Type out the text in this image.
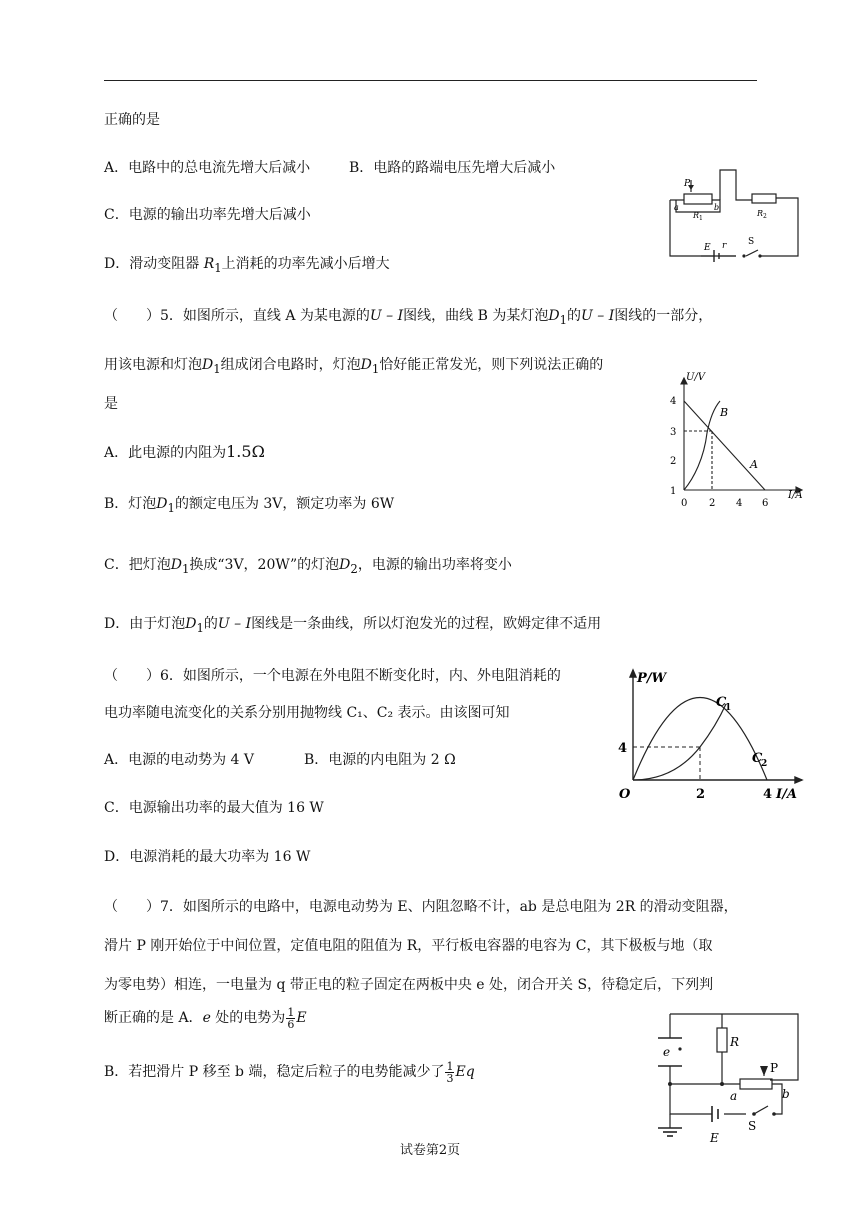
正确的是
A．电路中的总电流先增大后减小	B．电路的路端电压先增大后减小
C．电源的输出功率先增大后减小
D．滑动变阻器 $R_1$上消耗的功率先减小后增大
P
a	b
R 1
R 2
E r S
（　　）5．如图所示，直线 A 为某电源的U – I图线，曲线 B 为某灯泡$D_1$的U – I图线的一部分，
用该电源和灯泡$D_1$组成闭合电路时，灯泡$D_1$恰好能正常发光，则下列说法正确的
是
A．此电源的内阻为1.5Ω
B．灯泡$D_1$的额定电压为 3V，额定功率为 6W
C．把灯泡$D_1$换成“3V，20W”的灯泡$D_2$，电源的输出功率将变小
D．由于灯泡$D_1$的U – I图线是一条曲线，所以灯泡发光的过程，欧姆定律不适用
U/V
I/A
4
3
2
1
0 2 4 6
B
A
（　　）6．如图所示，一个电源在外电阻不断变化时，内、外电阻消耗的
电功率随电流变化的关系分别用抛物线 C₁、C₂ 表示。由该图可知
A．电源的电动势为 4 V	B．电源的内电阻为 2 Ω
C．电源输出功率的最大值为 16 W
D．电源消耗的最大功率为 16 W
P/W
I/A
O
4
2	4
C
1
C
2
（　　）7．如图所示的电路中，电源电动势为 E、内阻忽略不计，ab 是总电阻为 2R 的滑动变阻器，
滑片 P 刚开始位于中间位置，定值电阻的阻值为 R，平行板电容器的电容为 C，其下极板与地（取
为零电势）相连，一电量为 q 带正电的粒子固定在两板中央 e 处，闭合开关 S，待稳定后，下列判
断正确的是 A．e 处的电势为 $\frac{1}{6}$ E
B．若把滑片 P 移至 b 端，稳定后粒子的电势能减少了 $\frac{1}{3}$ Eq
e
R
P
a	b
E
S
试卷第2页
